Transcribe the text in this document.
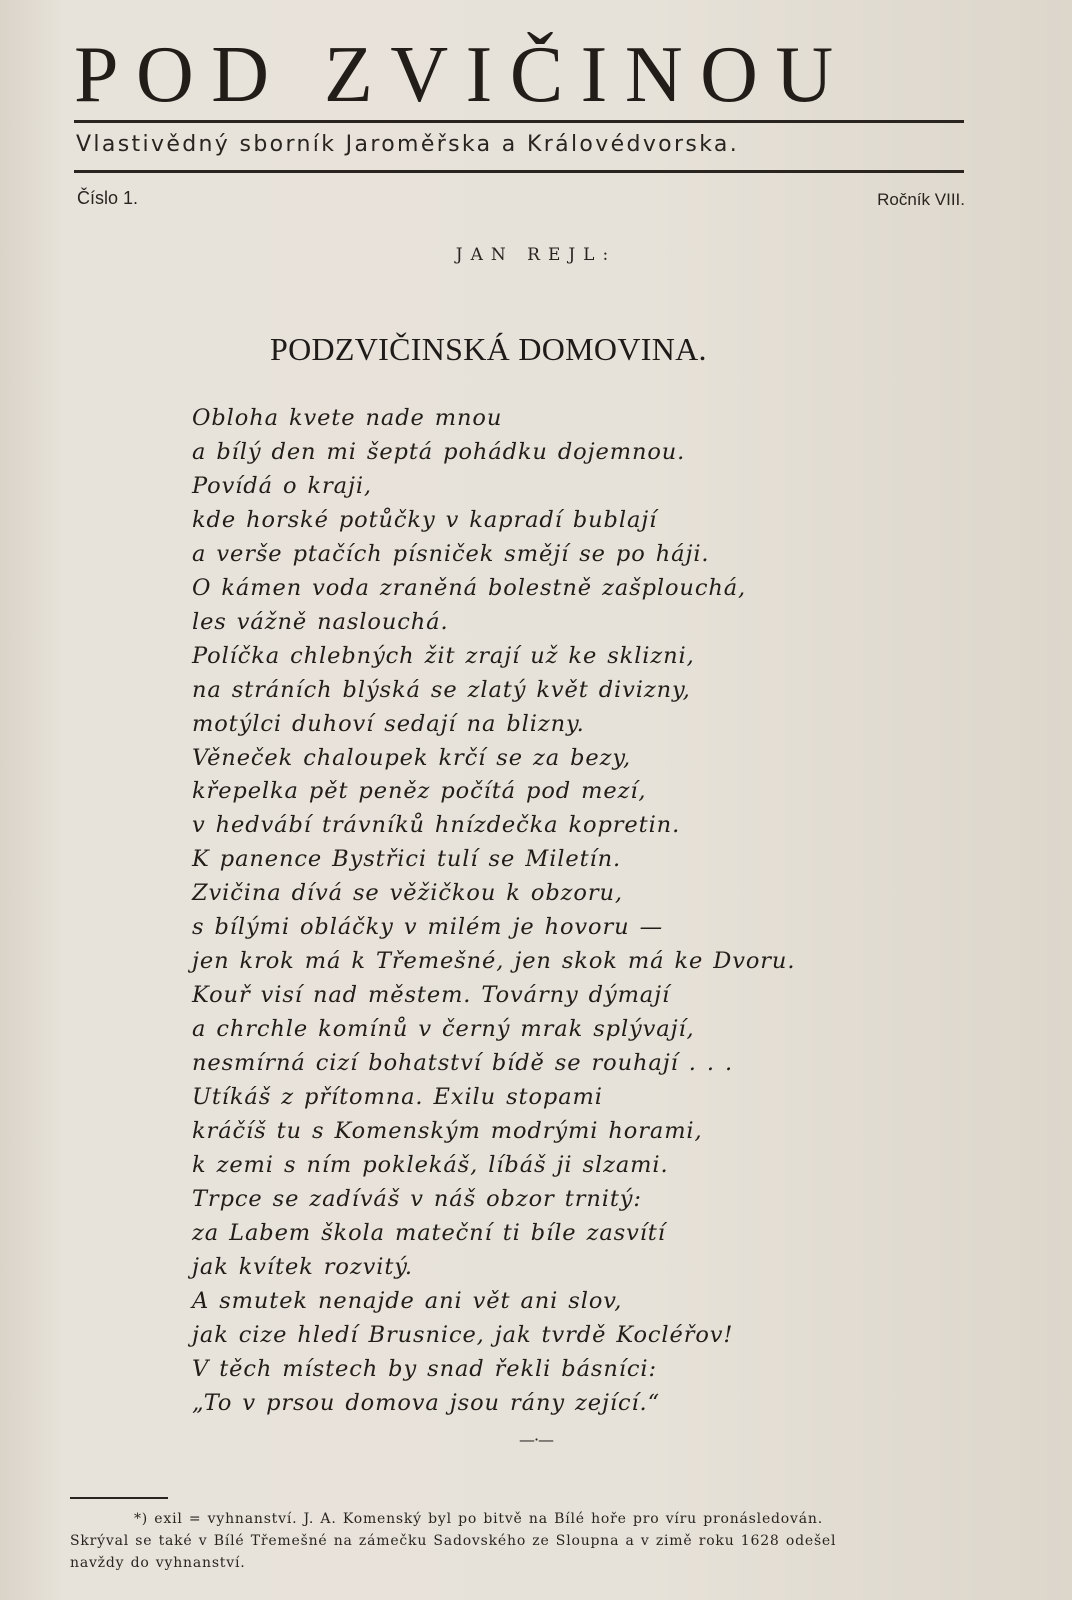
POD ZVIČINOU
Vlastivědný sborník Jaroměřska a Královédvorska.
Číslo 1.	Ročník VIII.
JAN REJL:
PODZVIČINSKÁ DOMOVINA.
Obloha kvete nade mnou
a bílý den mi šeptá pohádku dojemnou.
Povídá o kraji,
kde horské potůčky v kapradí bublají
a verše ptačích písniček smějí se po háji.
O kámen voda zraněná bolestně zašplouchá,
les vážně naslouchá.
Políčka chlebných žit zrají už ke sklizni,
na stráních blýská se zlatý květ divizny,
motýlci duhoví sedají na blizny.
Věneček chaloupek krčí se za bezy,
křepelka pět peněz počítá pod mezí,
v hedvábí trávníků hnízdečka kopretin.
K panence Bystřici tulí se Miletín.
Zvičina dívá se věžičkou k obzoru,
s bílými obláčky v milém je hovoru —
jen krok má k Třemešné, jen skok má ke Dvoru.
Kouř visí nad městem. Továrny dýmají
a chrchle komínů v černý mrak splývají,
nesmírná cizí bohatství bídě se rouhají . . .
Utíkáš z přítomna. Exilu stopami
kráčíš tu s Komenským modrými horami,
k zemi s ním poklekáš, líbáš ji slzami.
Trpce se zadíváš v náš obzor trnitý:
za Labem škola mateční ti bíle zasvítí
jak kvítek rozvitý.
A smutek nenajde ani vět ani slov,
jak cize hledí Brusnice, jak tvrdě Kocléřov!
V těch místech by snad řekli básníci:
„To v prsou domova jsou rány zející.“
—·—

*) exil = vyhnanství. J. A. Komenský byl po bitvě na Bílé hoře pro víru pronásledován.

Skrýval se také v Bílé Třemešné na zámečku Sadovského ze Sloupna a v zimě roku 1628 odešel

navždy do vyhnanství.
